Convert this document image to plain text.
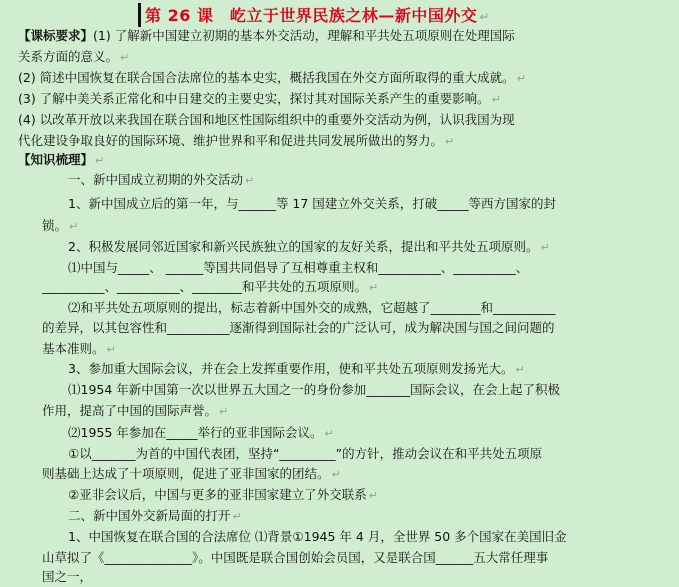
第 26 课　屹立于世界民族之林—新中国外交 ↵
【课标要求】(1) 了解新中国建立初期的基本外交活动，理解和平共处五项原则在处理国际
关系方面的意义。 ↵
(2) 简述中国恢复在联合国合法席位的基本史实，概括我国在外交方面所取得的重大成就。 ↵
(3) 了解中美关系正常化和中日建交的主要史实，探讨其对国际关系产生的重要影响。 ↵
(4) 以改革开放以来我国在联合国和地区性国际组织中的重要外交活动为例，认识我国为现
代化建设争取良好的国际环境、维护世界和平和促进共同发展所做出的努力。 ↵
【知识梳理】 ↵
一、新中国成立初期的外交活动 ↵
1、新中国成立后的第一年，与______等 17 国建立外交关系，打破_____等西方国家的封
锁。 ↵
2、积极发展同邻近国家和新兴民族独立的国家的友好关系，提出和平共处五项原则。 ↵
⑴中国与_____、 ______等国共同倡导了互相尊重主权和__________、__________、
__________、__________、________和平共处的五项原则。 ↵
⑵和平共处五项原则的提出，标志着新中国外交的成熟，它超越了________和__________
的差异，以其包容性和__________逐渐得到国际社会的广泛认可，成为解决国与国之间问题的
基本准则。 ↵
3、参加重大国际会议，并在会上发挥重要作用，使和平共处五项原则发扬光大。 ↵
⑴1954 年新中国第一次以世界五大国之一的身份参加_______国际会议，在会上起了积极
作用，提高了中国的国际声誉。 ↵
⑵1955 年参加在_____举行的亚非国际会议。 ↵
①以_______为首的中国代表团，坚持“_________”的方针，推动会议在和平共处五项原
则基础上达成了十项原则，促进了亚非国家的团结。 ↵
②亚非会议后，中国与更多的亚非国家建立了外交联系 ↵
二、新中国外交新局面的打开 ↵
1、中国恢复在联合国的合法席位 ⑴背景①1945 年 4 月，全世界 50 多个国家在美国旧金
山草拟了《______________》。中国既是联合国创始会员国，又是联合国______五大常任理事
国之一，
